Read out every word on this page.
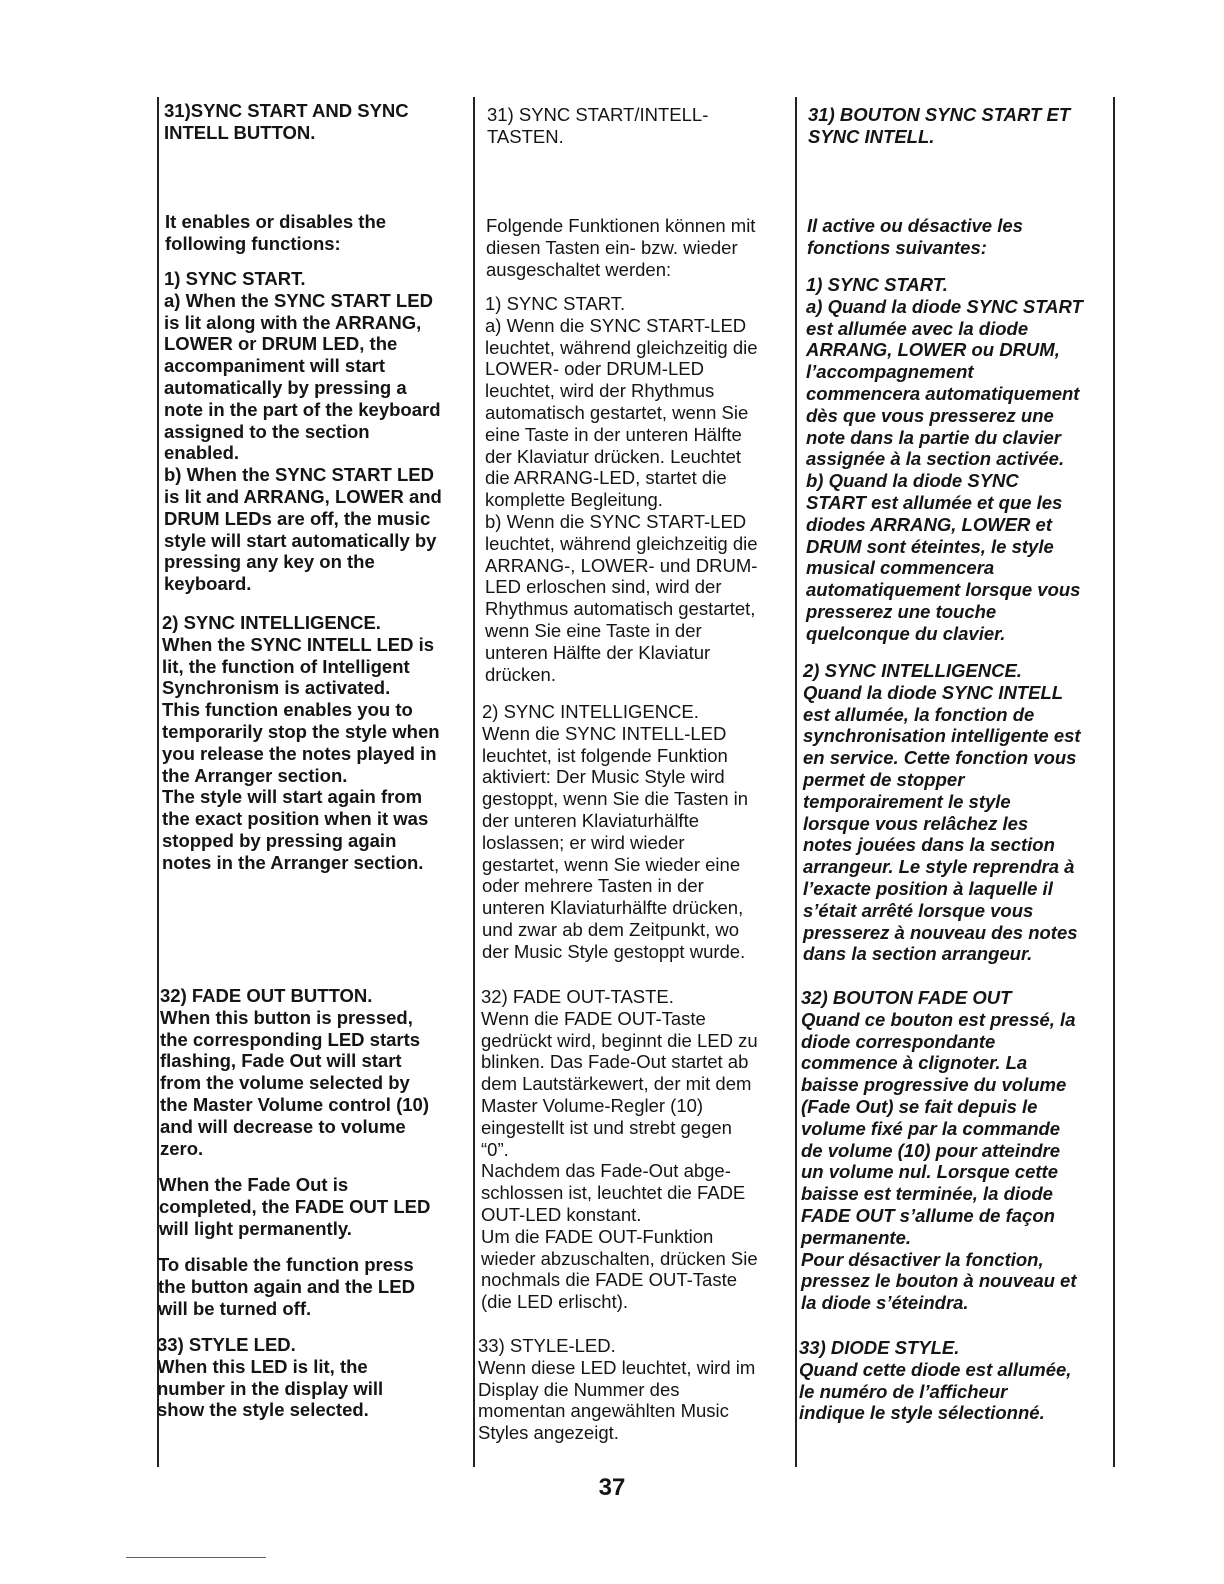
31)SYNC START AND SYNC
INTELL BUTTON.

It enables or disables the
following functions:

1) SYNC START.
a) When the SYNC START LED
is lit along with the ARRANG,
LOWER or DRUM LED, the
accompaniment will start
automatically by pressing a
note in the part of the keyboard
assigned to the section
enabled.
b) When the SYNC START LED
is lit and ARRANG, LOWER and
DRUM LEDs are off, the music
style will start automatically by
pressing any key on the
keyboard.

2) SYNC INTELLIGENCE.
When the SYNC INTELL LED is
lit, the function of Intelligent
Synchronism is activated.
This function enables you to
temporarily stop the style when
you release the notes played in
the Arranger section.
The style will start again from
the exact position when it was
stopped by pressing again
notes in the Arranger section.

32) FADE OUT BUTTON.
When this button is pressed,
the corresponding LED starts
flashing, Fade Out will start
from the volume selected by
the Master Volume control (10)
and will decrease to volume
zero.

When the Fade Out is
completed, the FADE OUT LED
will light permanently.

To disable the function press
the button again and the LED
will be turned off.

33) STYLE LED.
When this LED is lit, the
number in the display will
show the style selected.

31) SYNC START/INTELL-
TASTEN.

Folgende Funktionen können mit
diesen Tasten ein- bzw. wieder
ausgeschaltet werden:

1) SYNC START.
a) Wenn die SYNC START-LED
leuchtet, während gleichzeitig die
LOWER- oder DRUM-LED
leuchtet, wird der Rhythmus
automatisch gestartet, wenn Sie
eine Taste in der unteren Hälfte
der Klaviatur drücken. Leuchtet
die ARRANG-LED, startet die
komplette Begleitung.
b) Wenn die SYNC START-LED
leuchtet, während gleichzeitig die
ARRANG-, LOWER- und DRUM-
LED erloschen sind, wird der
Rhythmus automatisch gestartet,
wenn Sie eine Taste in der
unteren Hälfte der Klaviatur
drücken.

2) SYNC INTELLIGENCE.
Wenn die SYNC INTELL-LED
leuchtet, ist folgende Funktion
aktiviert: Der Music Style wird
gestoppt, wenn Sie die Tasten in
der unteren Klaviaturhälfte
loslassen; er wird wieder
gestartet, wenn Sie wieder eine
oder mehrere Tasten in der
unteren Klaviaturhälfte drücken,
und zwar ab dem Zeitpunkt, wo
der Music Style gestoppt wurde.

32) FADE OUT-TASTE.
Wenn die FADE OUT-Taste
gedrückt wird, beginnt die LED zu
blinken. Das Fade-Out startet ab
dem Lautstärkewert, der mit dem
Master Volume-Regler (10)
eingestellt ist und strebt gegen
“0”.
Nachdem das Fade-Out abge-
schlossen ist, leuchtet die FADE
OUT-LED konstant.
Um die FADE OUT-Funktion
wieder abzuschalten, drücken Sie
nochmals die FADE OUT-Taste
(die LED erlischt).

33) STYLE-LED.
Wenn diese LED leuchtet, wird im
Display die Nummer des
momentan angewählten Music
Styles angezeigt.

31) BOUTON SYNC START ET
SYNC INTELL.

Il active ou désactive les
fonctions suivantes:

1) SYNC START.
a) Quand la diode SYNC START
est allumée avec la diode
ARRANG, LOWER ou DRUM,
l’accompagnement
commencera automatiquement
dès que vous presserez une
note dans la partie du clavier
assignée à la section activée.
b) Quand la diode SYNC
START est allumée et que les
diodes ARRANG, LOWER et
DRUM sont éteintes, le style
musical commencera
automatiquement lorsque vous
presserez une touche
quelconque du clavier.

2) SYNC INTELLIGENCE.
Quand la diode SYNC INTELL
est allumée, la fonction de
synchronisation intelligente est
en service. Cette fonction vous
permet de stopper
temporairement le style
lorsque vous relâchez les
notes jouées dans la section
arrangeur. Le style reprendra à
l’exacte position à laquelle il
s’était arrêté lorsque vous
presserez à nouveau des notes
dans la section arrangeur.

32) BOUTON FADE OUT
Quand ce bouton est pressé, la
diode correspondante
commence à clignoter. La
baisse progressive du volume
(Fade Out) se fait depuis le
volume fixé par la commande
de volume (10) pour atteindre
un volume nul. Lorsque cette
baisse est terminée, la diode
FADE OUT s’allume de façon
permanente.
Pour désactiver la fonction,
pressez le bouton à nouveau et
la diode s’éteindra.

33) DIODE STYLE.
Quand cette diode est allumée,
le numéro de l’afficheur
indique le style sélectionné.

37
